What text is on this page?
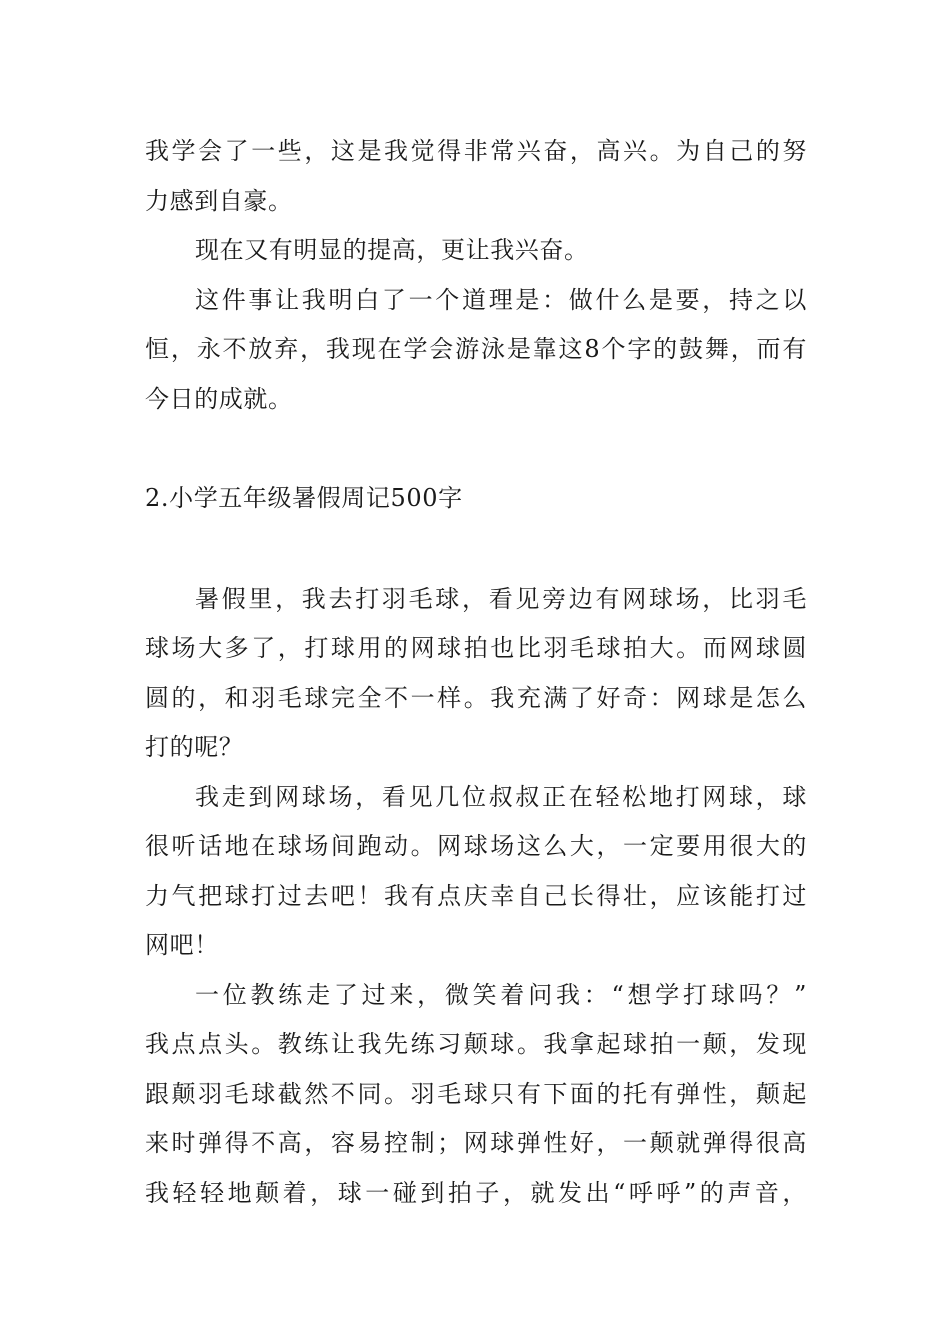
我学会了一些，这是我觉得非常兴奋，高兴。为自己的努
力感到自豪。
现在又有明显的提高，更让我兴奋。
这件事让我明白了一个道理是：做什么是要，持之以
恒，永不放弃，我现在学会游泳是靠这8个字的鼓舞，而有
今日的成就。
2.小学五年级暑假周记500字
暑假里，我去打羽毛球，看见旁边有网球场，比羽毛
球场大多了，打球用的网球拍也比羽毛球拍大。而网球圆
圆的，和羽毛球完全不一样。我充满了好奇：网球是怎么
打的呢？
我走到网球场，看见几位叔叔正在轻松地打网球，球
很听话地在球场间跑动。网球场这么大，一定要用很大的
力气把球打过去吧！我有点庆幸自己长得壮，应该能打过
网吧！
一位教练走了过来，微笑着问我：“想学打球吗？”
我点点头。教练让我先练习颠球。我拿起球拍一颠，发现
跟颠羽毛球截然不同。羽毛球只有下面的托有弹性，颠起
来时弹得不高，容易控制；网球弹性好，一颠就弹得很高
我轻轻地颠着，球一碰到拍子，就发出“呼呼”的声音，
